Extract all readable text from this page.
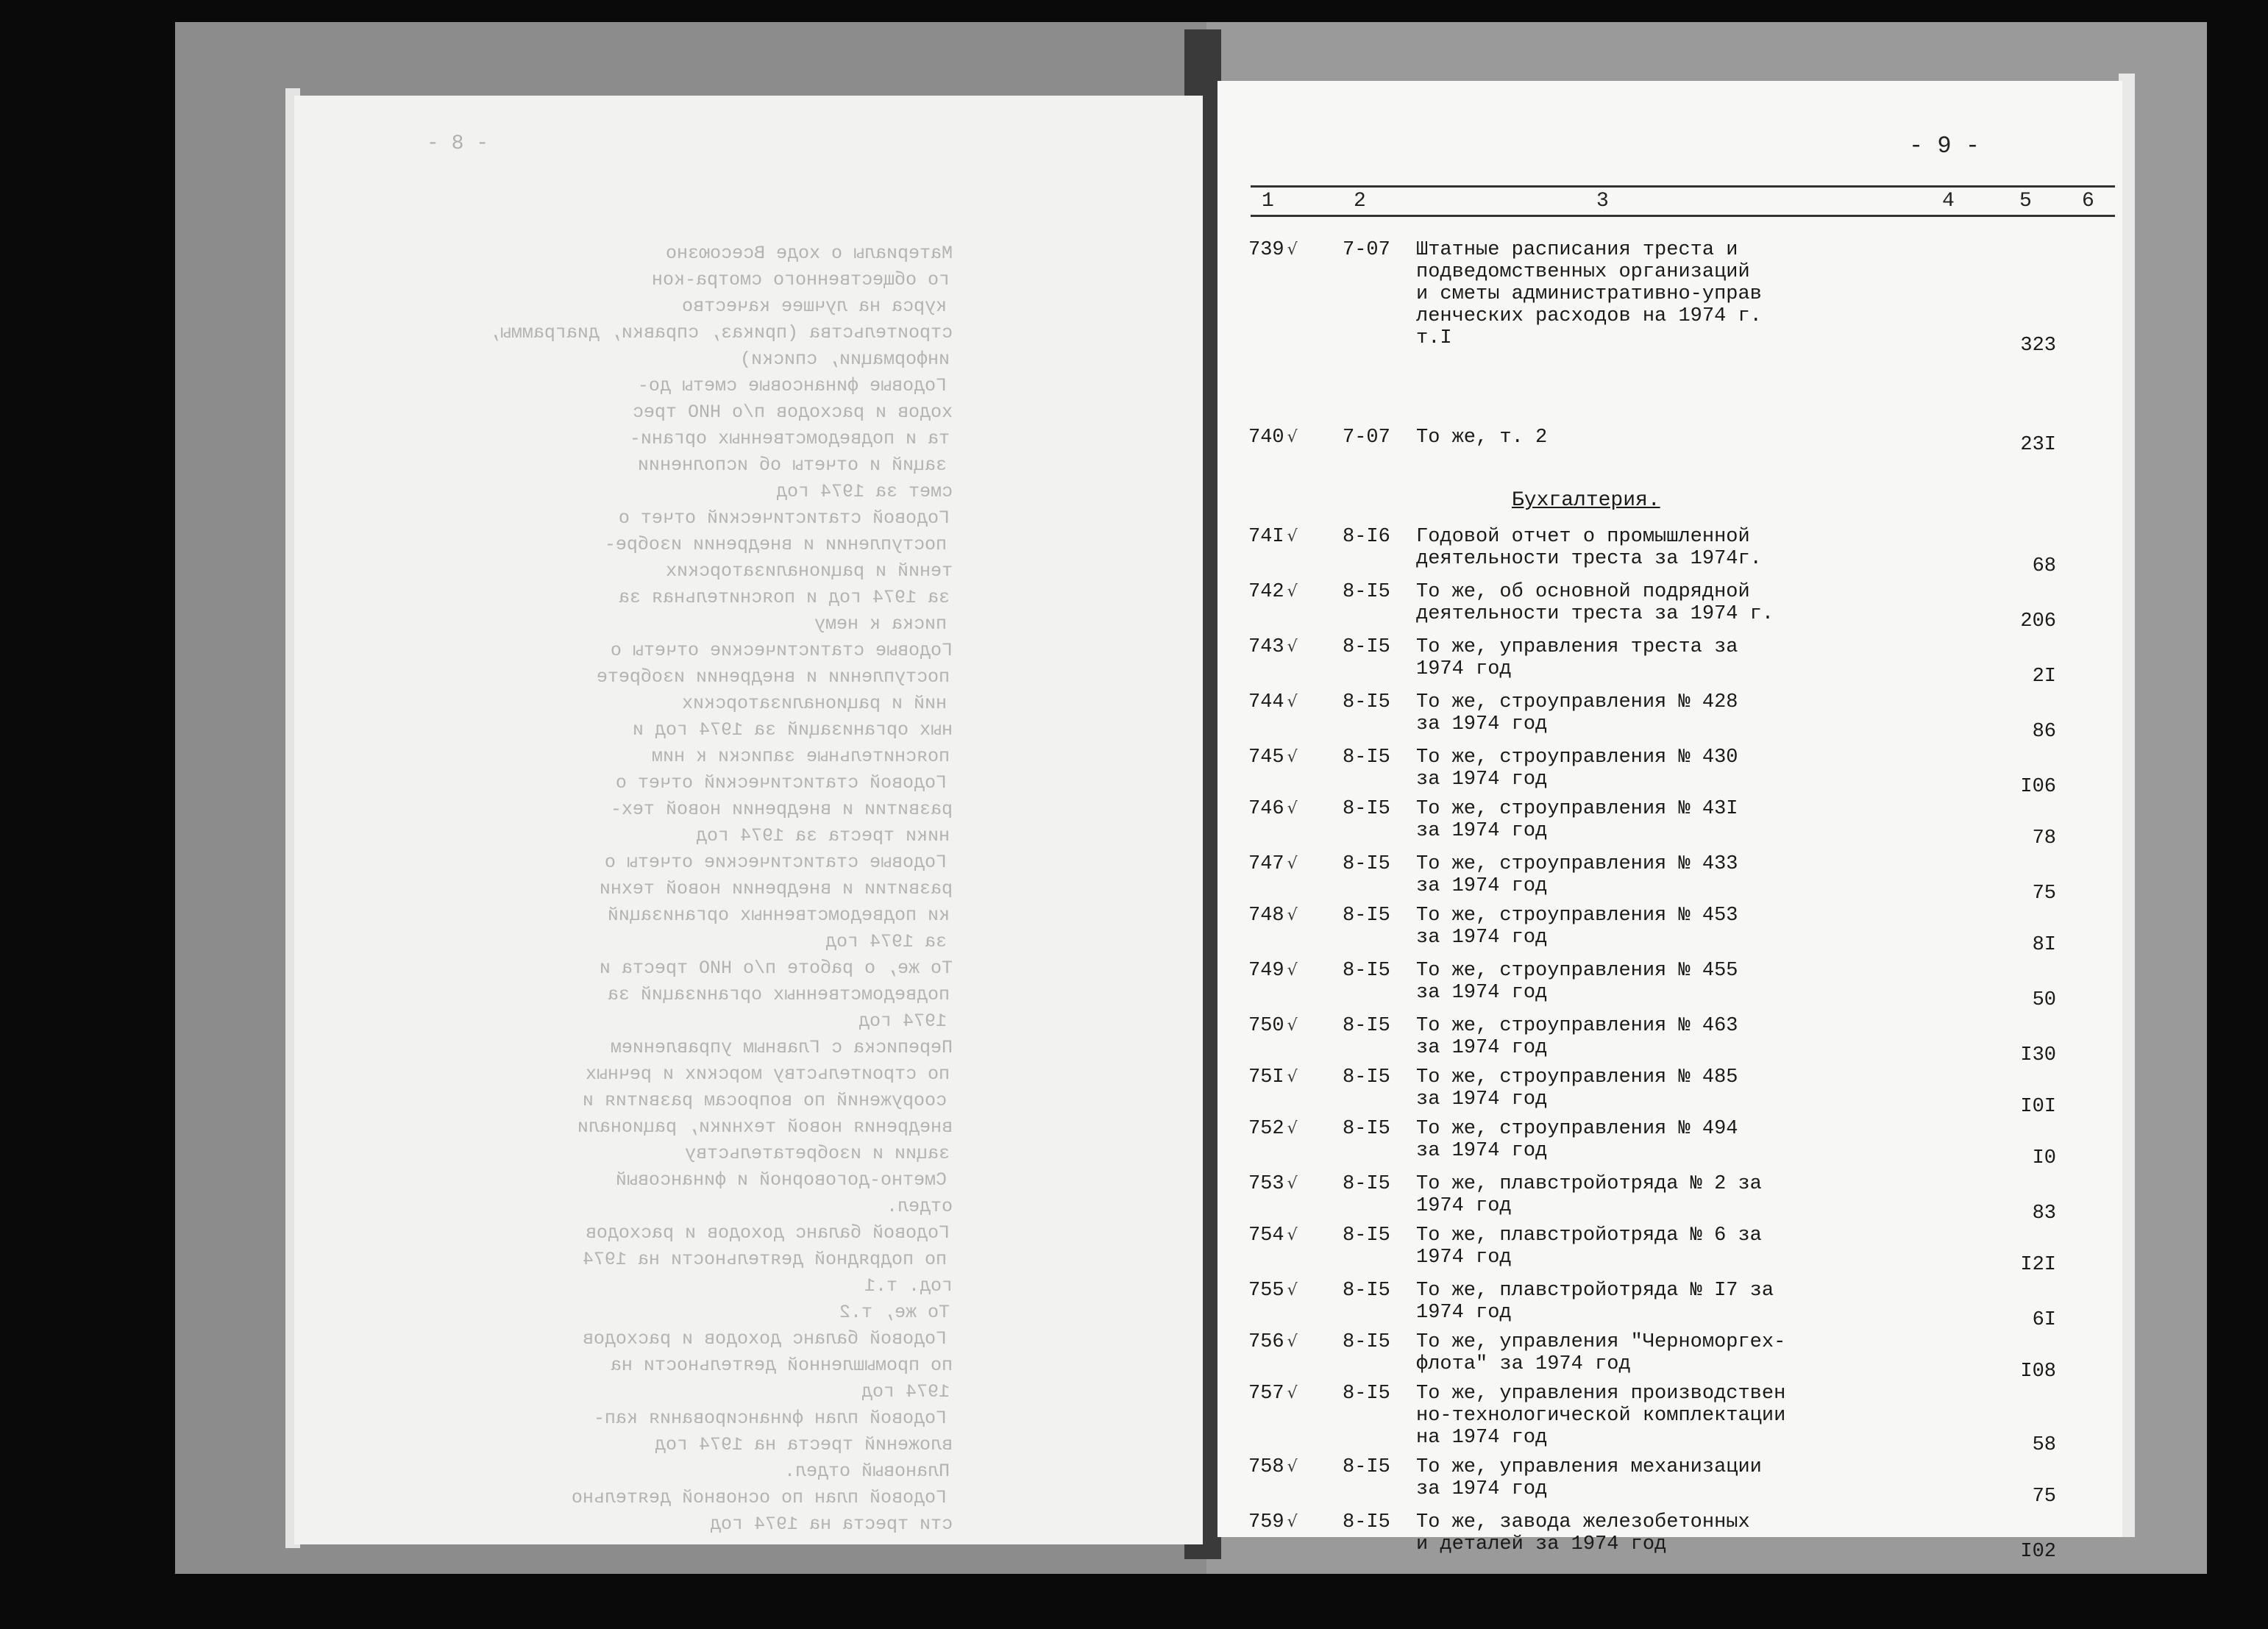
- 8 -
Материалы о ходе Всесоюзно
го общественного смотра-кон
курса на лучшее качество
строительства (приказ, справки, диаграммы,
информации, списки)
Годовые финансовые сметы до-
ходов и расходов п/о НИО трес
та и подведомственных органи-
заций и отчеты об исполнении
смет за 1974 год
Годовой статистический отчет о
поступлении и внедрении изобре-
тений и рационализаторских
за 1974 год и пояснительная за
писка к нему
Годовые статистические отчеты о
поступлении и внедрении изобрете
ний и рационализаторских
ных организаций за 1974 год и
пояснительные записки к ним
Годовой статистический отчет о
развитии и внедрении новой тех-
ники треста за 1974 год
Годовые статистические отчеты о
развитии и внедрении новой техни
ки подведомственных организаций
за 1974 год
То же, о работе п/о НИО треста и
подведомственных организаций за
1974 год
Переписка с Главным управлением
по строительству морских и речных
сооружений по вопросам развития и
внедрения новой техники, рационали
зации и изобретательству
Сметно-договорной и финансовый
отдел.
Годовой баланс доходов и расходов
по подрядной деятельности на 1974
год. т.1
То же, т.2
Годовой баланс доходов и расходов
по промышленной деятельности на
1974 год
Годовой план финансирования кап-
вложений треста на 1974 год
Плановый отдел.
Годовой план по основной деятельно
сти треста на 1974 год
- 9 -
1	2	3	4	5 6
Бухгалтерия.
739 √ 7-07 Штатные расписания треста и
подведомственных организаций
и сметы административно-управ
ленческих расходов на 1974 г.
т.I	323
740 √ 7-07 То же, т. 2	23I
74I √ 8-I6 Годовой отчет о промышленной
деятельности треста за 1974г.	68
742 √ 8-I5 То же, об основной подрядной
деятельности треста за 1974 г.	206
743 √ 8-I5 То же, управления треста за
1974 год	2I
744 √ 8-I5 То же, строуправления № 428
за 1974 год	86
745 √ 8-I5 То же, строуправления № 430
за 1974 год	I06
746 √ 8-I5 То же, строуправления № 43I
за 1974 год	78
747 √ 8-I5 То же, строуправления № 433
за 1974 год	75
748 √ 8-I5 То же, строуправления № 453
за 1974 год	8I
749 √ 8-I5 То же, строуправления № 455
за 1974 год	50
750 √ 8-I5 То же, строуправления № 463
за 1974 год	I30
75I √ 8-I5 То же, строуправления № 485
за 1974 год	I0I
752 √ 8-I5 То же, строуправления № 494
за 1974 год	I0
753 √ 8-I5 То же, плавстройотряда № 2 за
1974 год	83
754 √ 8-I5 То же, плавстройотряда № 6 за
1974 год	I2I
755 √ 8-I5 То же, плавстройотряда № I7 за
1974 год	6I
756 √ 8-I5 То же, управления "Черноморгех-
флота" за 1974 год	I08
757 √ 8-I5 То же, управления производствен
но-технологической комплектации
на 1974 год	58
758 √ 8-I5 То же, управления механизации
за 1974 год	75
759 √ 8-I5 То же, завода железобетонных
и деталей за 1974 год	I02
